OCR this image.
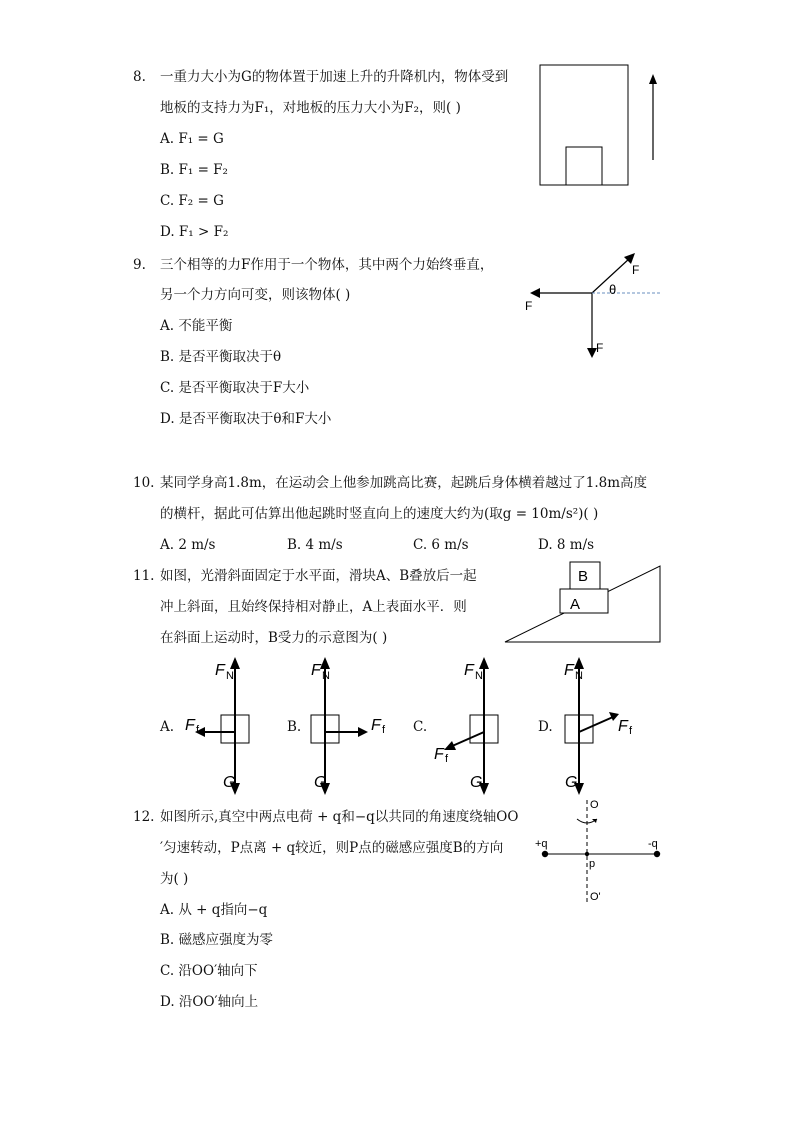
8. 一重力大小为G的物体置于加速上升的升降机内，物体受到
地板的支持力为F₁，对地板的压力大小为F₂，则( )
A. F₁ = G
B. F₁ = F₂
C. F₂ = G
D. F₁ > F₂
9. 三个相等的力F作用于一个物体，其中两个力始终垂直，
另一个力方向可变，则该物体( )
A. 不能平衡
B. 是否平衡取决于θ
C. 是否平衡取决于F大小
D. 是否平衡取决于θ和F大小
F
F
F
θ
10. 某同学身高1.8m，在运动会上他参加跳高比赛，起跳后身体横着越过了1.8m高度
的横杆，据此可估算出他起跳时竖直向上的速度大约为(取g = 10m/s²)( )
A. 2 m/s	B. 4 m/s	C. 6 m/s	D. 8 m/s
11. 如图，光滑斜面固定于水平面，滑块A、B叠放后一起
冲上斜面，且始终保持相对静止，A上表面水平．则
在斜面上运动时，B受力的示意图为( )
A
B
A.
F N
F f
G
B.
F N
F f
G
C.
F N
F f
G
D.
F N
F f
G
12. 如图所示,真空中两点电荷 + q和−q以共同的角速度绕轴OO
′匀速转动，P点离 + q较近，则P点的磁感应强度B的方向
为( )
A. 从 + q指向−q
B. 磁感应强度为零
C. 沿OO′轴向下
D. 沿OO′轴向上
O
O'
+q	-q
p
